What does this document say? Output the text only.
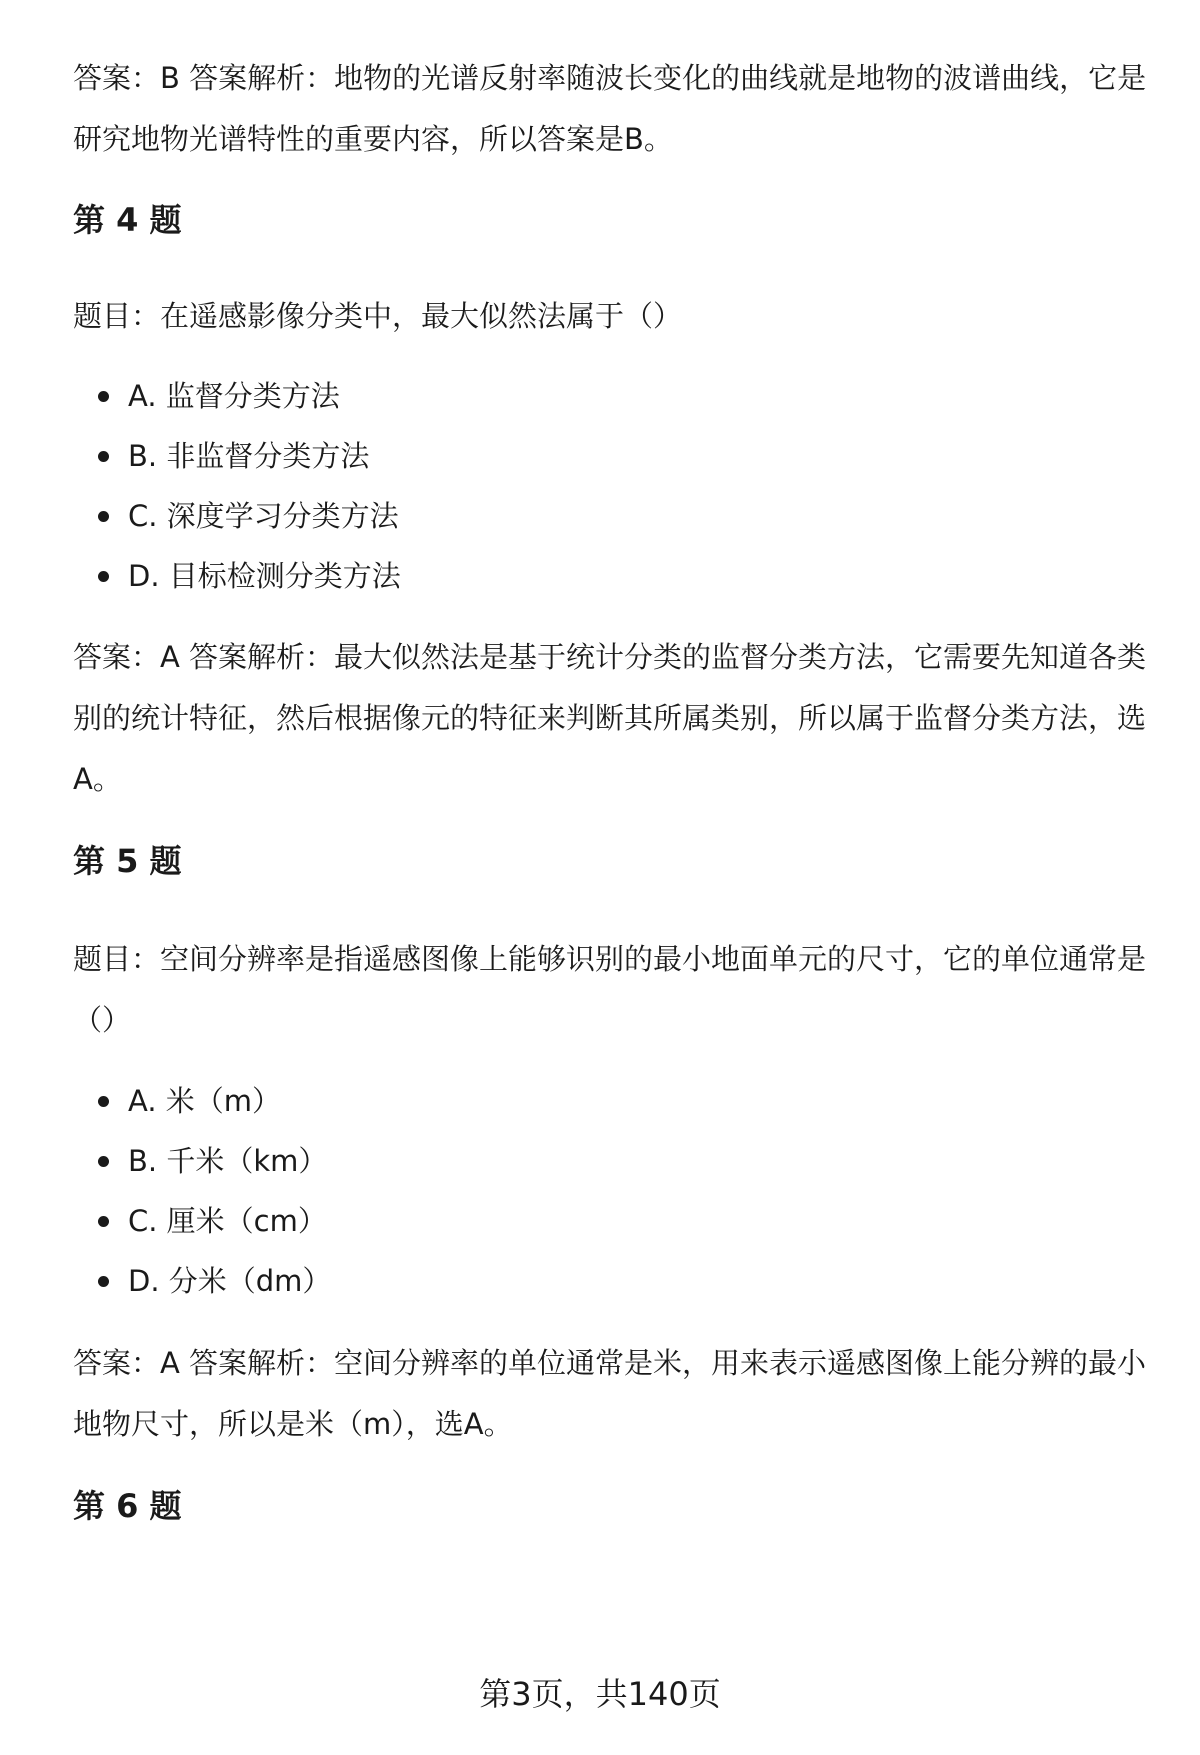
答案：B 答案解析：地物的光谱反射率随波长变化的曲线就是地物的波谱曲线，它是研究地物光谱特性的重要内容，所以答案是B。

第 4 题

题目：在遥感影像分类中，最大似然法属于（）

A. 监督分类方法
B. 非监督分类方法
C. 深度学习分类方法
D. 目标检测分类方法

答案：A 答案解析：最大似然法是基于统计分类的监督分类方法，它需要先知道各类别的统计特征，然后根据像元的特征来判断其所属类别，所以属于监督分类方法，选A。

第 5 题

题目：空间分辨率是指遥感图像上能够识别的最小地面单元的尺寸，它的单位通常是（）

A. 米（m）
B. 千米（km）
C. 厘米（cm）
D. 分米（dm）

答案：A 答案解析：空间分辨率的单位通常是米，用来表示遥感图像上能分辨的最小地物尺寸，所以是米（m），选A。

第 6 题
第3页，共140页
